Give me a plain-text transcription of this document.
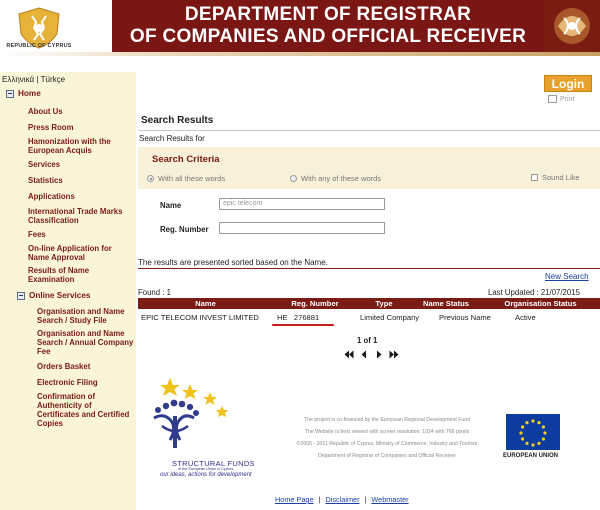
REPUBLIC OF CYPRUS
DEPARTMENT OF REGISTRAR
OF COMPANIES AND OFFICIAL RECEIVER
Ελληνικά | Türkçe
Home
About Us
Press Room
Hamonization with the European Acquis
Services
Statistics
Applications
International Trade Marks Classification
Fees
On-line Application for Name Approval
Results of Name Examination
Online Services
Organisation and Name Search / Study File
Organisation and Name Search / Annual Company Fee
Orders Basket
Electronic Filing
Confirmation of Authenticity of Certificates and Certified Copies
Login
Print
Search Results
Search Results for
Search Criteria
With all these words	With any of these words	Sound Like
Name	epic telecom
Reg. Number
The results are presented sorted based on the Name.
New Search
Found : 1	Last Updated : 21/07/2015
Name	Reg. Number	Type	Name Status	Organisation Status
EPIC TELECOM INVEST LIMITED	HE   276881	Limited Company	Previous Name	Active
1 of 1
STRUCTURAL FUNDS
of the European Union in Cyprus
our ideas, actions for development
The project is co-financed by the European Regional Development Fund
The Website is best viewed with screen resolution: 1024 with 768 pixels
©2005 - 2011 Republic of Cyprus, Ministry of Commerce, Industry and Tourism
Department of Registrar of Companies and Official Receiver	EUROPEAN UNION
Home Page | Disclaimer | Webmaster
